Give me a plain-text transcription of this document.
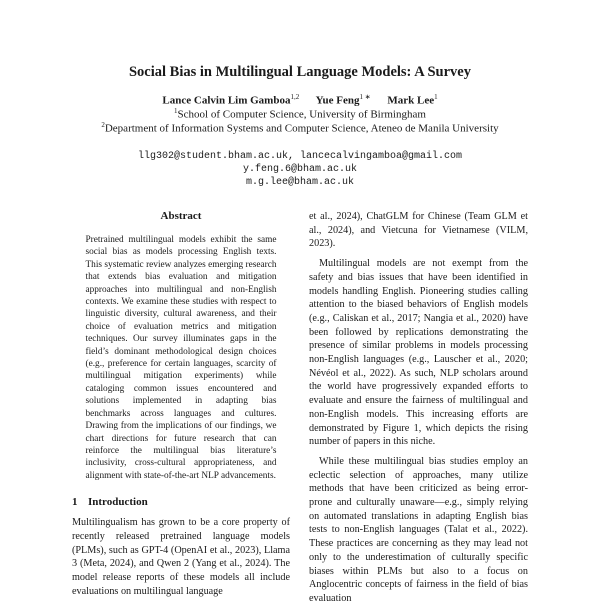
Social Bias in Multilingual Language Models: A Survey
Lance Calvin Lim Gamboa$^{1,2}$ Yue Feng$^{1 ∗}$ Mark Lee$^1$
$^1$School of Computer Science, University of Birmingham
$^2$Department of Information Systems and Computer Science, Ateneo de Manila University
llg302@student.bham.ac.uk, lancecalvingamboa@gmail.com
y.feng.6@bham.ac.uk
m.g.lee@bham.ac.uk
Abstract

Pretrained multilingual models exhibit the same social bias as models processing English texts. This systematic review analyzes emerging research that extends bias evaluation and mitigation approaches into multilingual and non-English contexts. We examine these studies with respect to linguistic diversity, cultural awareness, and their choice of evaluation metrics and mitigation techniques. Our survey illuminates gaps in the field’s dominant methodological design choices (e.g., preference for certain languages, scarcity of multilingual mitigation experiments) while cataloging common issues encountered and solutions implemented in adapting bias benchmarks across languages and cultures. Drawing from the implications of our findings, we chart directions for future research that can reinforce the multilingual bias literature’s inclusivity, cross-cultural appropriateness, and alignment with state-of-the-art NLP advancements.

1 Introduction

Multilingualism has grown to be a core property of recently released pretrained language models (PLMs), such as GPT-4 (OpenAI et al., 2023), Llama 3 (Meta, 2024), and Qwen 2 (Yang et al., 2024). The model release reports of these models all include evaluations on multilingual language

et al., 2024), ChatGLM for Chinese (Team GLM et al., 2024), and Vietcuna for Vietnamese (VILM, 2023).

Multilingual models are not exempt from the safety and bias issues that have been identified in models handling English. Pioneering studies calling attention to the biased behaviors of English models (e.g., Caliskan et al., 2017; Nangia et al., 2020) have been followed by replications demonstrating the presence of similar problems in models processing non-English languages (e.g., Lauscher et al., 2020; Névéol et al., 2022). As such, NLP scholars around the world have progressively expanded efforts to evaluate and ensure the fairness of multilingual and non-English models. This increasing efforts are demonstrated by Figure 1, which depicts the rising number of papers in this niche.

While these multilingual bias studies employ an eclectic selection of approaches, many utilize methods that have been criticized as being error-prone and culturally unaware—e.g., simply relying on automated translations in adapting English bias tests to non-English languages (Talat et al., 2022). These practices are concerning as they may lead not only to the underestimation of culturally specific biases within PLMs but also to a focus on Anglocentric concepts of fairness in the field of bias evaluation
